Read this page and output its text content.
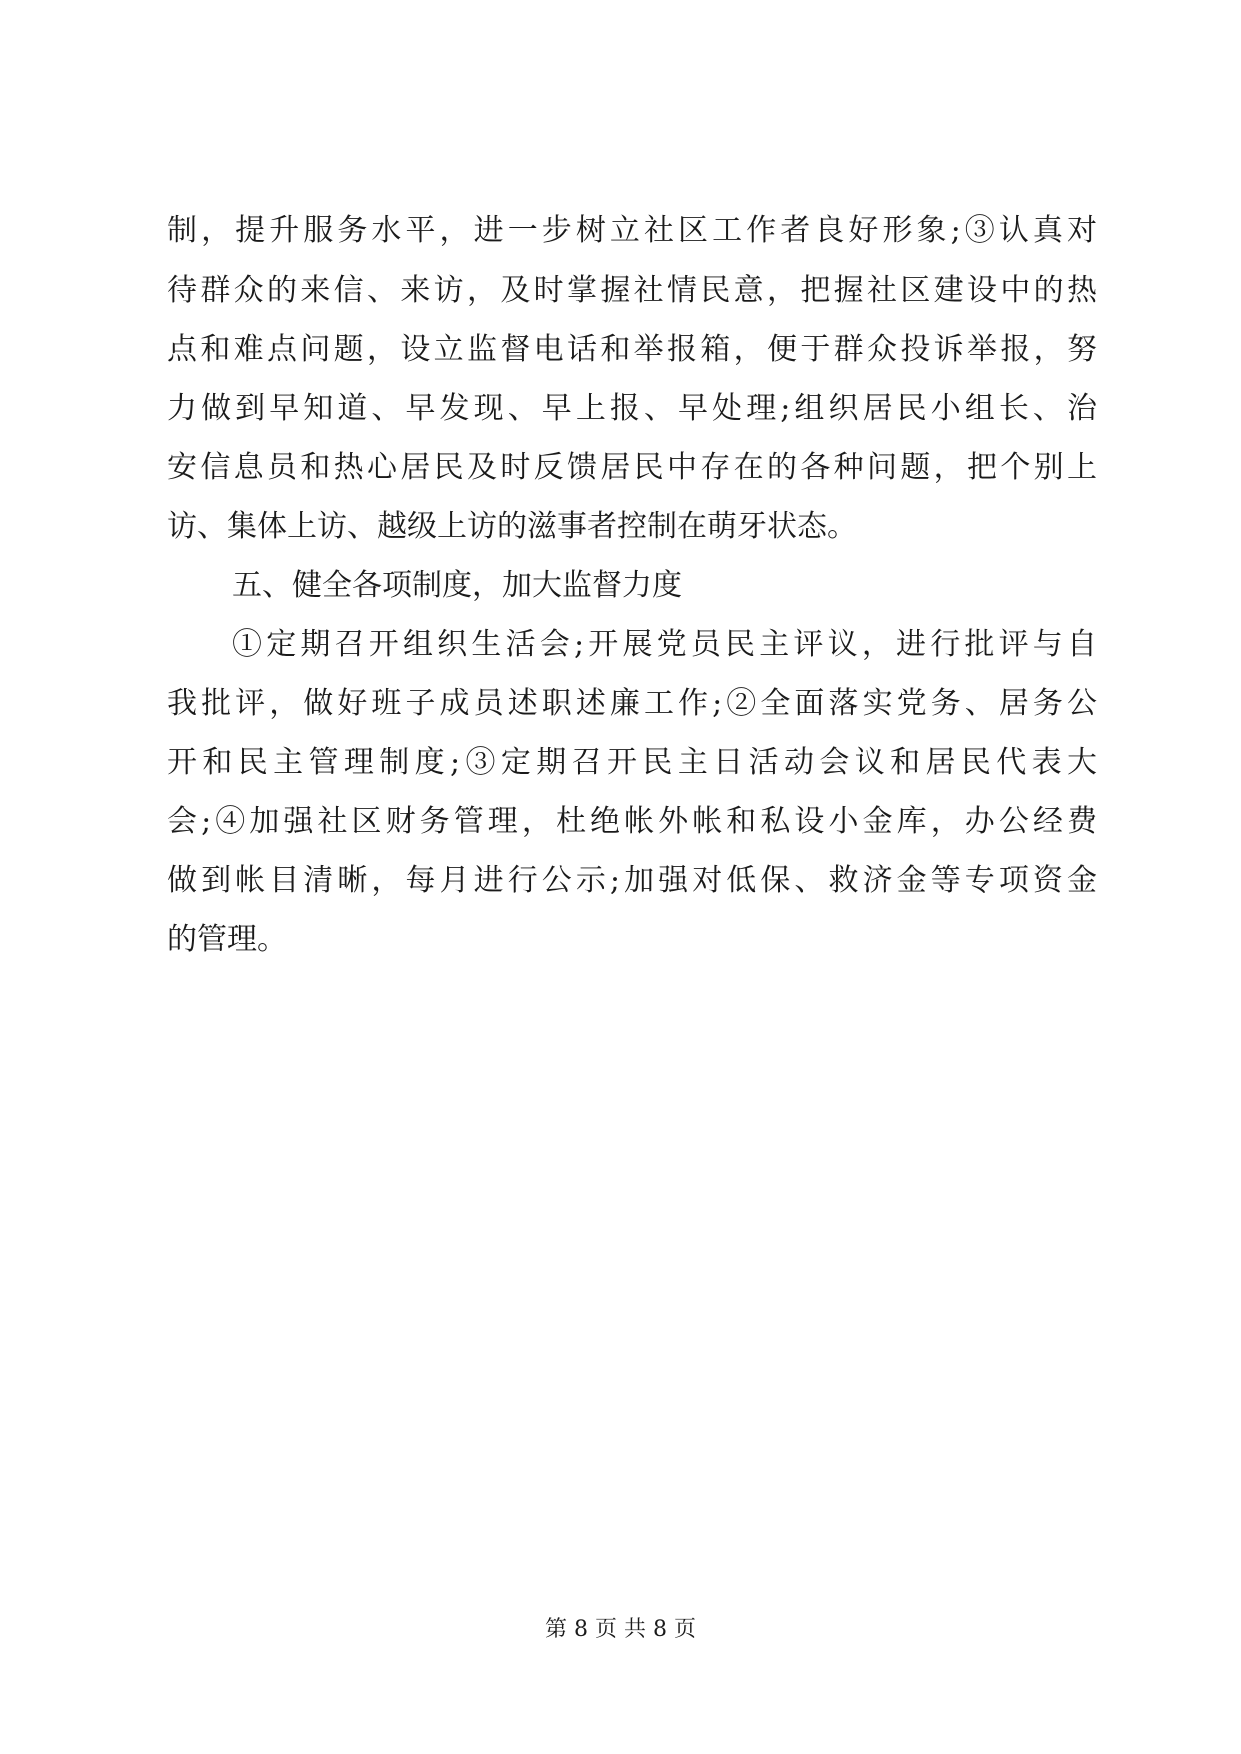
制，提升服务水平，进一步树立社区工作者良好形象;③认真对
待群众的来信、来访，及时掌握社情民意，把握社区建设中的热
点和难点问题，设立监督电话和举报箱，便于群众投诉举报，努
力做到早知道、早发现、早上报、早处理;组织居民小组长、治
安信息员和热心居民及时反馈居民中存在的各种问题，把个别上
访、集体上访、越级上访的滋事者控制在萌牙状态。
五、健全各项制度，加大监督力度
①定期召开组织生活会;开展党员民主评议，进行批评与自
我批评，做好班子成员述职述廉工作;②全面落实党务、居务公
开和民主管理制度;③定期召开民主日活动会议和居民代表大
会;④加强社区财务管理，杜绝帐外帐和私设小金库，办公经费
做到帐目清晰，每月进行公示;加强对低保、救济金等专项资金
的管理。
第 8 页 共 8 页
